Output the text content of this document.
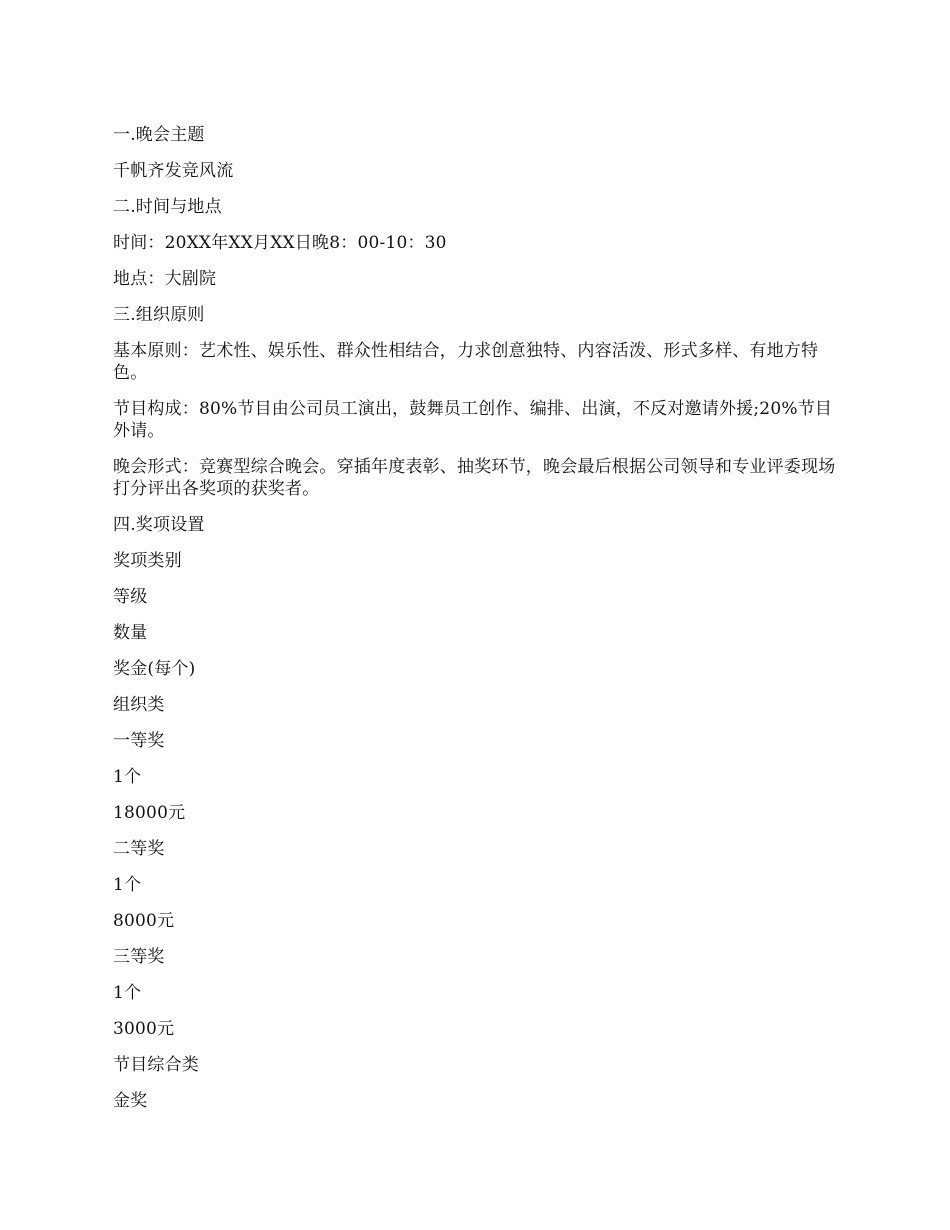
一.晚会主题

千帆齐发竞风流

二.时间与地点

时间：20XX年XX月XX日晚8：00-10：30

地点：大剧院

三.组织原则

基本原则：艺术性、娱乐性、群众性相结合，力求创意独特、内容活泼、形式多样、有地方特色。

节目构成：80%节目由公司员工演出，鼓舞员工创作、编排、出演，不反对邀请外援;20%节目外请。

晚会形式：竞赛型综合晚会。穿插年度表彰、抽奖环节，晚会最后根据公司领导和专业评委现场打分评出各奖项的获奖者。

四.奖项设置

奖项类别

等级

数量

奖金(每个)

组织类

一等奖

1个

18000元

二等奖

1个

8000元

三等奖

1个

3000元

节目综合类

金奖
